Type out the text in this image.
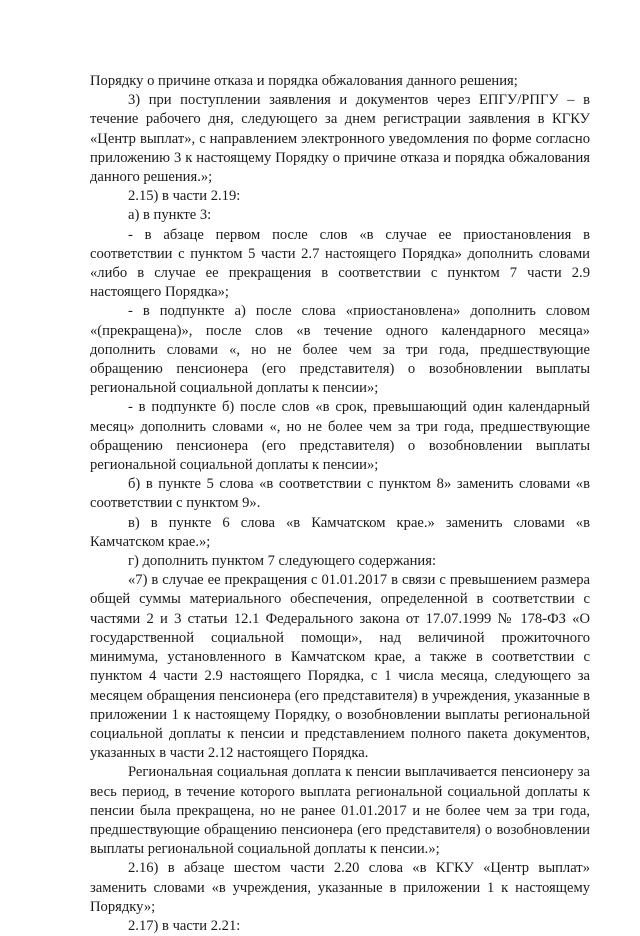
Порядку о причине отказа и порядка обжалования данного решения;

3) при поступлении заявления и документов через ЕПГУ/РПГУ – в течение рабочего дня, следующего за днем регистрации заявления в КГКУ «Центр выплат», с направлением электронного уведомления по форме согласно приложению 3 к настоящему Порядку о причине отказа и порядка обжалования данного решения.»;

2.15) в части 2.19:

а) в пункте 3:

- в абзаце первом после слов «в случае ее приостановления в соответствии с пунктом 5 части 2.7 настоящего Порядка» дополнить словами «либо в случае ее прекращения в соответствии с пунктом 7 части 2.9 настоящего Порядка»;

- в подпункте а) после слова «приостановлена» дополнить словом «(прекращена)», после слов «в течение одного календарного месяца» дополнить словами «, но не более чем за три года, предшествующие обращению пенсионера (его представителя) о возобновлении выплаты региональной социальной доплаты к пенсии»;

- в подпункте б) после слов «в срок, превышающий один календарный месяц» дополнить словами «, но не более чем за три года, предшествующие обращению пенсионера (его представителя) о возобновлении выплаты региональной социальной доплаты к пенсии»;

б) в пункте 5 слова «в соответствии с пунктом 8» заменить словами «в соответствии с пунктом 9».

в) в пункте 6 слова «в Камчатском крае.» заменить словами «в Камчатском крае.»;

г) дополнить пунктом 7 следующего содержания:

«7) в случае ее прекращения с 01.01.2017 в связи с превышением размера общей суммы материального обеспечения, определенной в соответствии с частями 2 и 3 статьи 12.1 Федерального закона от 17.07.1999 № 178-ФЗ «О государственной социальной помощи», над величиной прожиточного минимума, установленного в Камчатском крае, а также в соответствии с пунктом 4 части 2.9 настоящего Порядка, с 1 числа месяца, следующего за месяцем обращения пенсионера (его представителя) в учреждения, указанные в приложении 1 к настоящему Порядку, о возобновлении выплаты региональной социальной доплаты к пенсии и представлением полного пакета документов, указанных в части 2.12 настоящего Порядка.

Региональная социальная доплата к пенсии выплачивается пенсионеру за весь период, в течение которого выплата региональной социальной доплаты к пенсии была прекращена, но не ранее 01.01.2017 и не более чем за три года, предшествующие обращению пенсионера (его представителя) о возобновлении выплаты региональной социальной доплаты к пенсии.»;

2.16) в абзаце шестом части 2.20 слова «в КГКУ «Центр выплат» заменить словами «в учреждения, указанные в приложении 1 к настоящему Порядку»;

2.17) в части 2.21:
